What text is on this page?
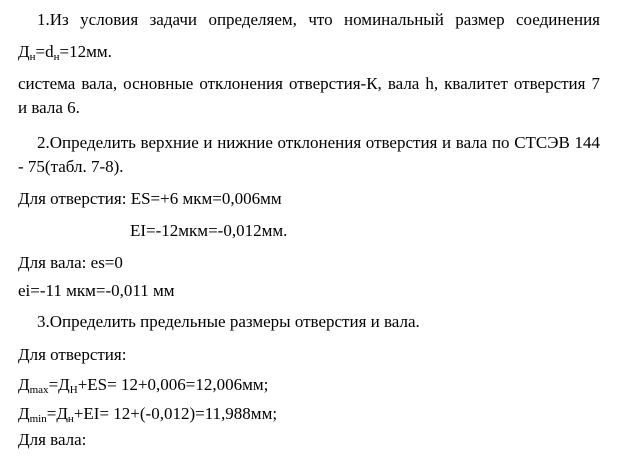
1.Из условия задачи определяем, что номинальный размер соединения
$Д_н=d_н=12мм$.
система вала, основные отклонения отверстия-К, вала h, квалитет отверстия 7
и вала 6.
2.Определить верхние и нижние отклонения отверстия и вала по СТСЭВ 144
- 75(табл. 7-8).
Для отверстия: ES=+6 мкм=0,006мм
EI=-12мкм=-0,012мм.
Для вала: es=0
ei=-11 мкм=-0,011 мм
3.Определить предельные размеры отверстия и вала.
Для отверстия:
$Д_{max}=Д_Н+ES= 12+0,006=12,006мм$;
$Д_{min}=Д_н+EI= 12+(-0,012)=11,988мм$;
Для вала:
